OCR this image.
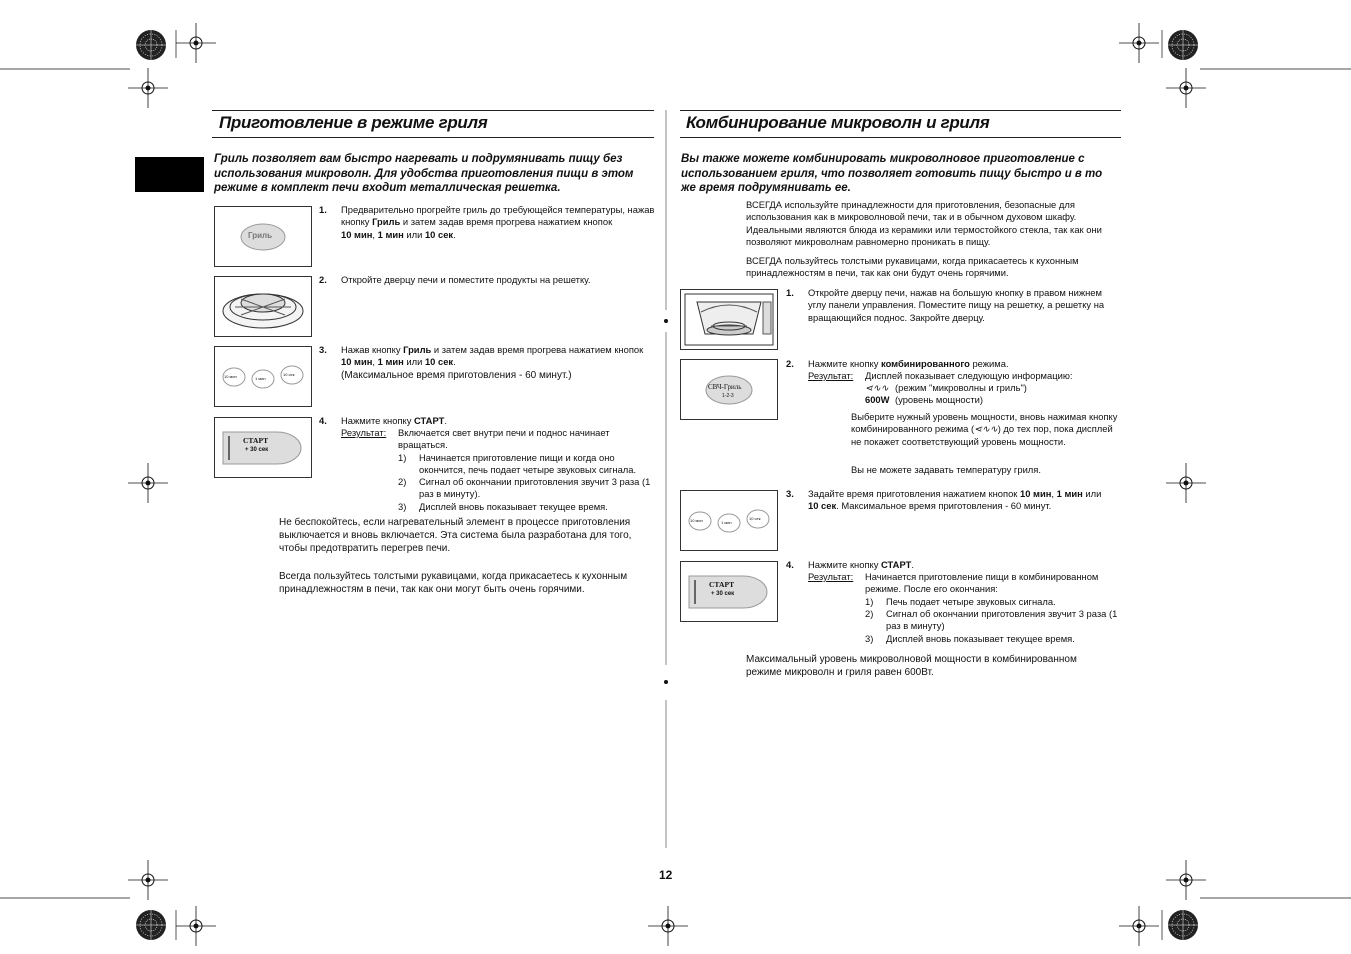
Приготовление в режиме гриля
Гриль позволяет вам быстро нагревать и подрумянивать пищу без использования микроволн. Для удобства приготовления пищи в этом режиме в комплект печи входит металлическая решетка.
Гриль
1. Предварительно прогрейте гриль до требующейся температуры, нажав кнопку Гриль и затем задав время прогрева нажатием кнопок
10 мин, 1 мин или 10 сек.
2. Откройте дверцу печи и поместите продукты на решетку.
10 мин	1 мин
10 сек
3. Нажав кнопку Гриль и затем задав время прогрева нажатием кнопок
10 мин, 1 мин или 10 сек.
(Максимальное время приготовления - 60 минут.)
СТАРТ
+ 30 сек
4. Нажмите кнопку СТАРТ.
Результат: Включается свет внутри печи и поднос начинает вращаться.
1) Начинается приготовление пищи и когда оно окончится, печь подает четыре звуковых сигнала.
2) Сигнал об окончании приготовления звучит 3 раза (1 раз в минуту).
3) Дисплей вновь показывает текущее время.
Не беспокойтесь, если нагревательный элемент в процессе приготовления выключается и вновь включается. Эта система была разработана для того, чтобы предотвратить перегрев печи.
Всегда пользуйтесь толстыми рукавицами, когда прикасаетесь к кухонным принадлежностям в печи, так как они могут быть очень горячими.
Комбинирование микроволн и гриля
Вы также можете комбинировать микроволновое приготовление с использованием гриля, что позволяет готовить пищу быстро и в то же время подрумянивать ее.
ВСЕГДА используйте принадлежности для приготовления, безопасные для использования как в микроволновой печи, так и в обычном духовом шкафу. Идеальными являются блюда из керамики или термостойкого стекла, так как они позволяют микроволнам равномерно проникать в пищу.
ВСЕГДА пользуйтесь толстыми рукавицами, когда прикасаетесь к кухонным принадлежностям в печи, так как они будут очень горячими.
1. Откройте дверцу печи, нажав на большую кнопку в правом нижнем углу панели управления. Поместите пищу на решетку, а решетку на вращающийся поднос. Закройте дверцу.
СВЧ-Гриль
1-2-3
2. Нажмите кнопку комбинированного режима.
Результат: Дисплей показывает следующую информацию:
⋖∿∿ (режим "микроволны и гриль")
600W (уровень мощности)
Выберите нужный уровень мощности, вновь нажимая кнопку комбинированного режима (⋖∿∿) до тех пор, пока дисплей не покажет соответствующий уровень мощности.
Вы не можете задавать температуру гриля.
10 мин	1 мин
10 сек
3. Задайте время приготовления нажатием кнопок 10 мин, 1 мин или
10 сек. Максимальное время приготовления - 60 минут.
СТАРТ
+ 30 сек
4. Нажмите кнопку СТАРТ.
Результат: Начинается приготовление пищи в комбинированном режиме. После его окончания:
1) Печь подает четыре звуковых сигнала.
2) Сигнал об окончании приготовления звучит 3 раза (1 раз в минуту)
3) Дисплей вновь показывает текущее время.
Максимальный уровень микроволновой мощности в комбинированном режиме микроволн и гриля равен 600Вт.
12
